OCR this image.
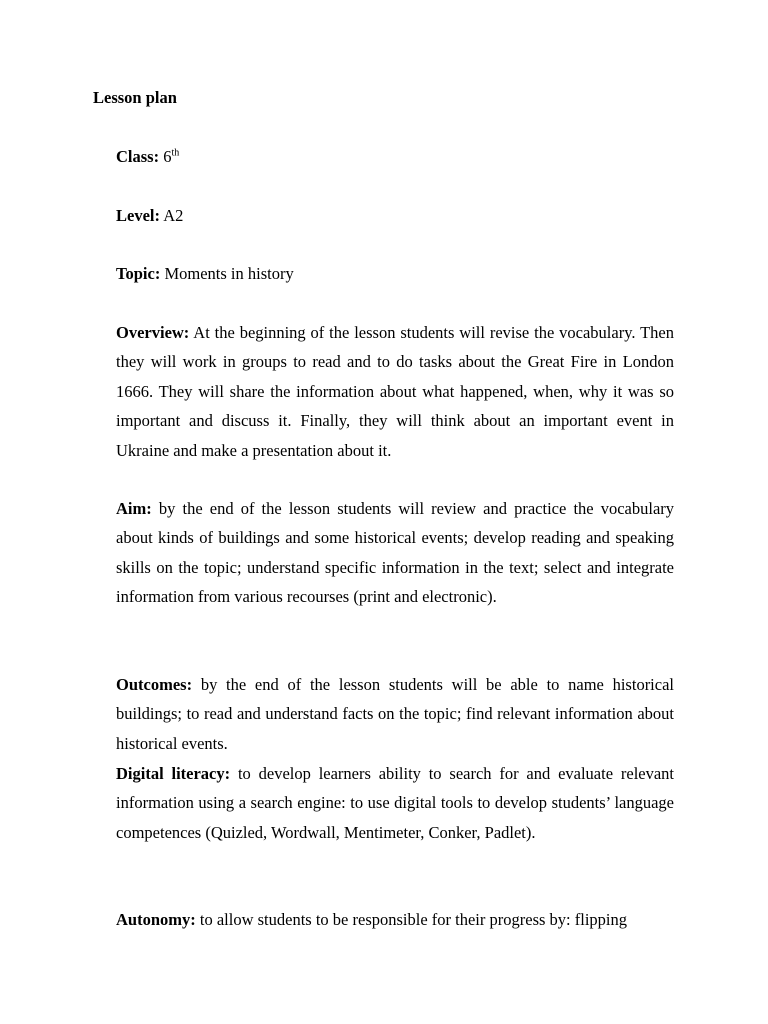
Lesson plan

Class: 6th

Level: A2

Topic: Moments in history

Overview: At the beginning of the lesson students will revise the vocabulary. Then they will work in groups to read and to do tasks about the Great Fire in London 1666. They will share the information about what happened, when, why it was so important and discuss it. Finally, they will think about an important event in Ukraine and make a presentation about it.

Aim: by the end of the lesson students will review and practice the vocabulary about kinds of buildings and some historical events; develop reading and speaking skills on the topic; understand specific information in the text; select and integrate information from various recourses (print and electronic).

Outcomes: by the end of the lesson students will be able to name historical buildings; to read and understand facts on the topic; find relevant information about historical events.

Digital literacy: to develop learners ability to search for and evaluate relevant information using a search engine: to use digital tools to develop students’ language competences (Quizled, Wordwall, Mentimeter, Conker, Padlet).

Autonomy: to allow students to be responsible for their progress by: flipping
